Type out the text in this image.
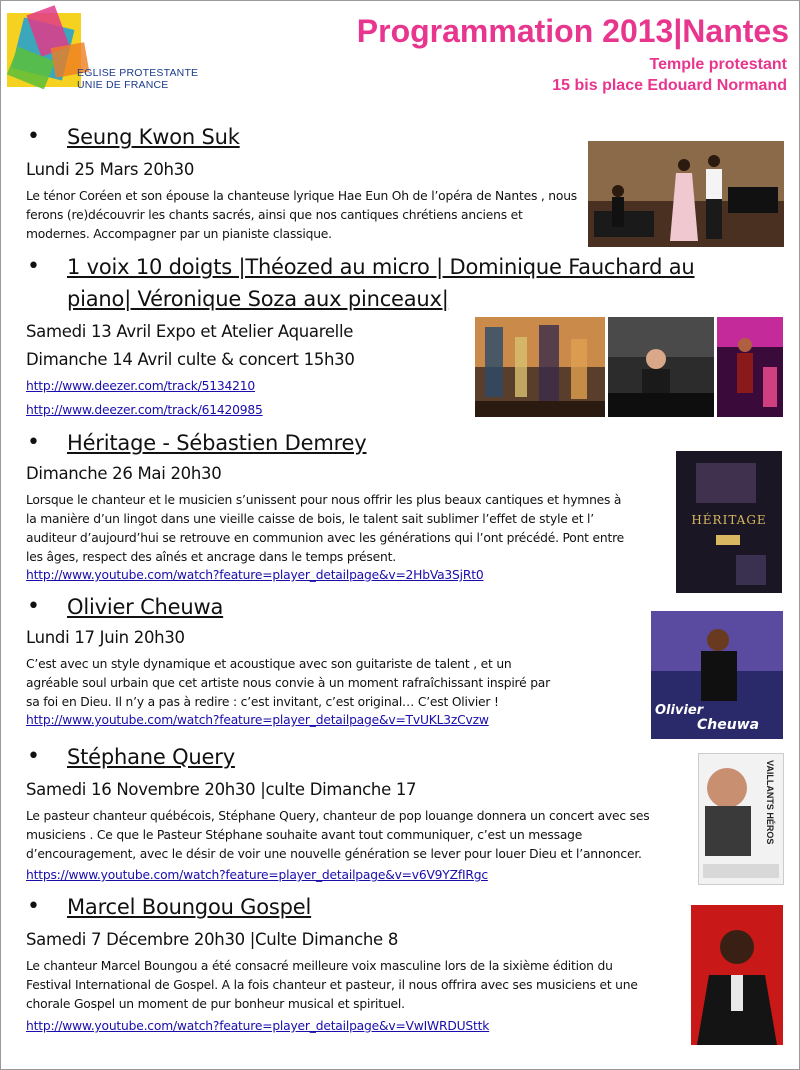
EGLISE PROTESTANTE
UNIE DE FRANCE
Programmation 2013|Nantes
Temple protestant
15 bis place Edouard Normand
• Seung Kwon Suk
Lundi 25 Mars 20h30
Le ténor Coréen et son épouse la chanteuse lyrique Hae Eun Oh de l’opéra de Nantes , nous ferons (re)découvrir les chants sacrés, ainsi que nos cantiques chrétiens anciens et modernes. Accompagner par un pianiste classique.
• 1 voix 10 doigts |Théozed au micro | Dominique Fauchard au
piano| Véronique Soza aux pinceaux|
Samedi 13 Avril Expo et Atelier Aquarelle
Dimanche 14 Avril culte & concert 15h30
http://www.deezer.com/track/5134210
http://www.deezer.com/track/61420985
• Héritage - Sébastien Demrey
Dimanche 26 Mai 20h30
Lorsque le chanteur et le musicien s’unissent pour nous offrir les plus beaux cantiques et hymnes à la manière d’un lingot dans une vieille caisse de bois, le talent sait sublimer l’effet de style et l’ auditeur d’aujourd’hui se retrouve en communion avec les générations qui l’ont précédé. Pont entre les âges, respect des aînés et ancrage dans le temps présent.
http://www.youtube.com/watch?feature=player_detailpage&v=2HbVa3SjRt0
HÉRITAGE
• Olivier Cheuwa
Lundi 17 Juin 20h30
C’est avec un style dynamique et acoustique avec son guitariste de talent , et un agréable soul urbain que cet artiste nous convie à un moment rafraîchissant inspiré par sa foi en Dieu. Il n’y a pas à redire : c’est invitant, c’est original… C’est Olivier !
http://www.youtube.com/watch?feature=player_detailpage&v=TvUKL3zCvzw
Olivier
Cheuwa
• Stéphane Query
Samedi 16 Novembre 20h30 |culte Dimanche 17
Le pasteur chanteur québécois, Stéphane Query, chanteur de pop louange donnera un concert avec ses musiciens . Ce que le Pasteur Stéphane souhaite avant tout communiquer, c’est un message d’encouragement, avec le désir de voir une nouvelle génération se lever pour louer Dieu et l’annoncer.
https://www.youtube.com/watch?feature=player_detailpage&v=v6V9YZfIRgc
VAILLANTS HÉROS
• Marcel Boungou Gospel
Samedi 7 Décembre 20h30 |Culte Dimanche 8
Le chanteur Marcel Boungou a été consacré meilleure voix masculine lors de la sixième édition du Festival International de Gospel. A la fois chanteur et pasteur, il nous offrira avec ses musiciens et une chorale Gospel un moment de pur bonheur musical et spirituel.
http://www.youtube.com/watch?feature=player_detailpage&v=VwIWRDUSttk
